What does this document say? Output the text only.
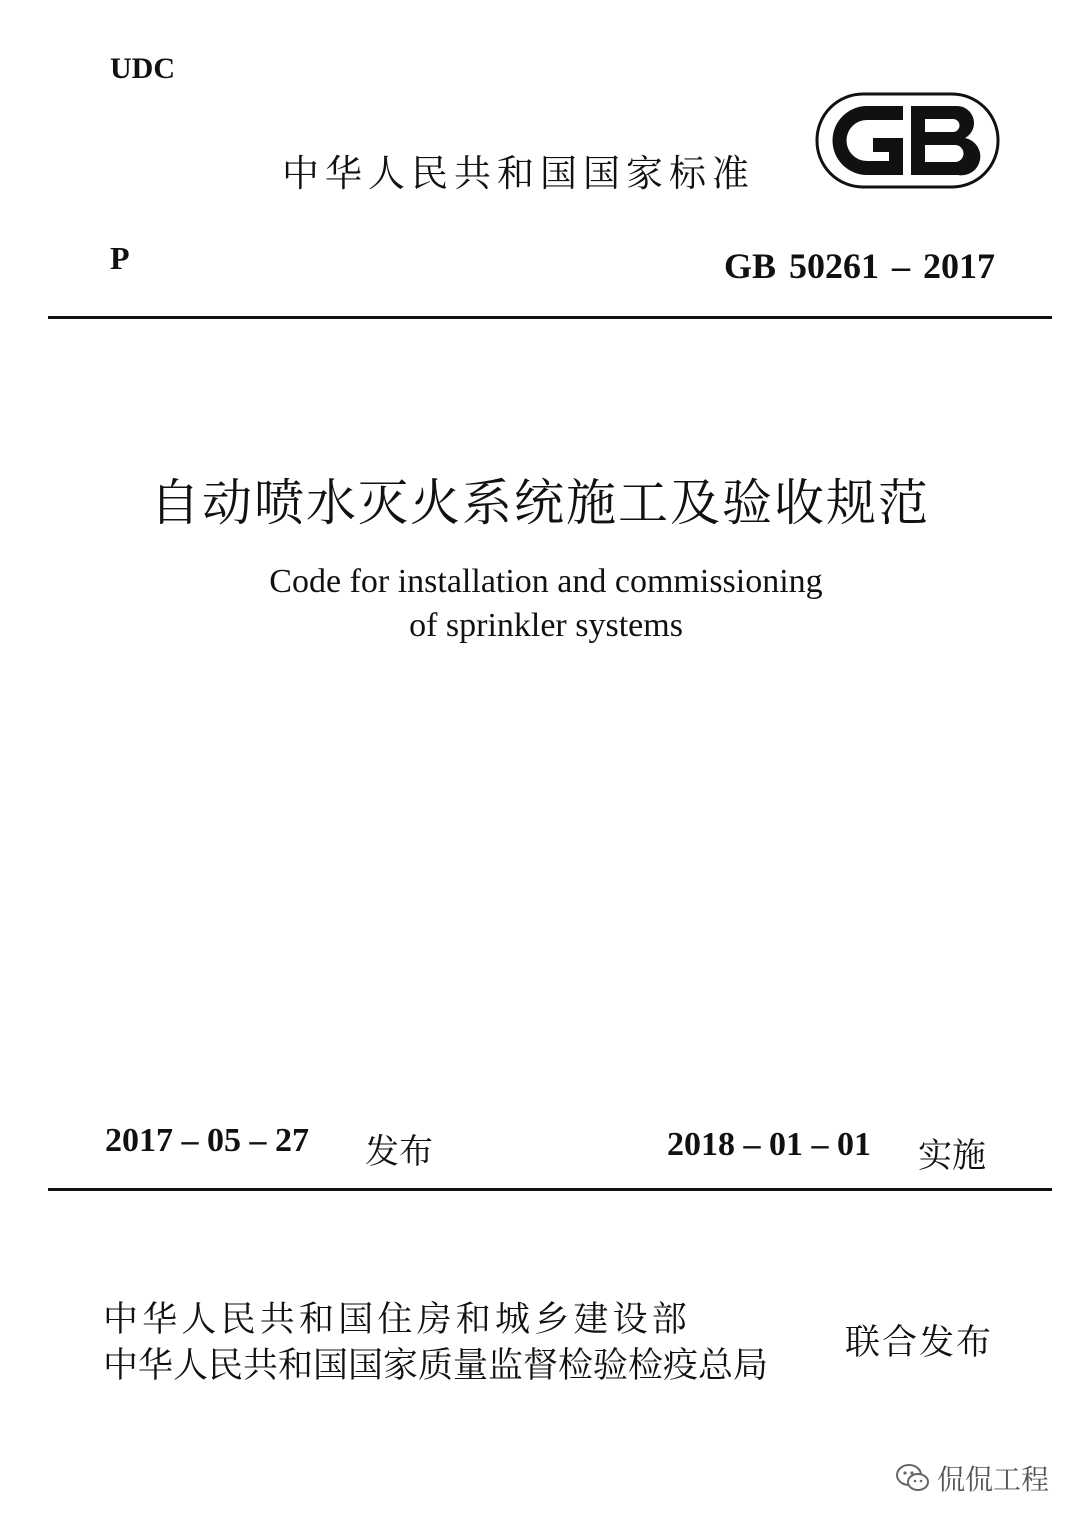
UDC
中华人民共和国国家标准
P	GB 50261 – 2017
自动喷水灭火系统施工及验收规范
Code for installation and commissioning
of sprinkler systems
2017 – 05 – 27 发布	2018 – 01 – 01 实施
中华人民共和国住房和城乡建设部
中华人民共和国国家质量监督检验检疫总局
联合发布
侃侃工程
